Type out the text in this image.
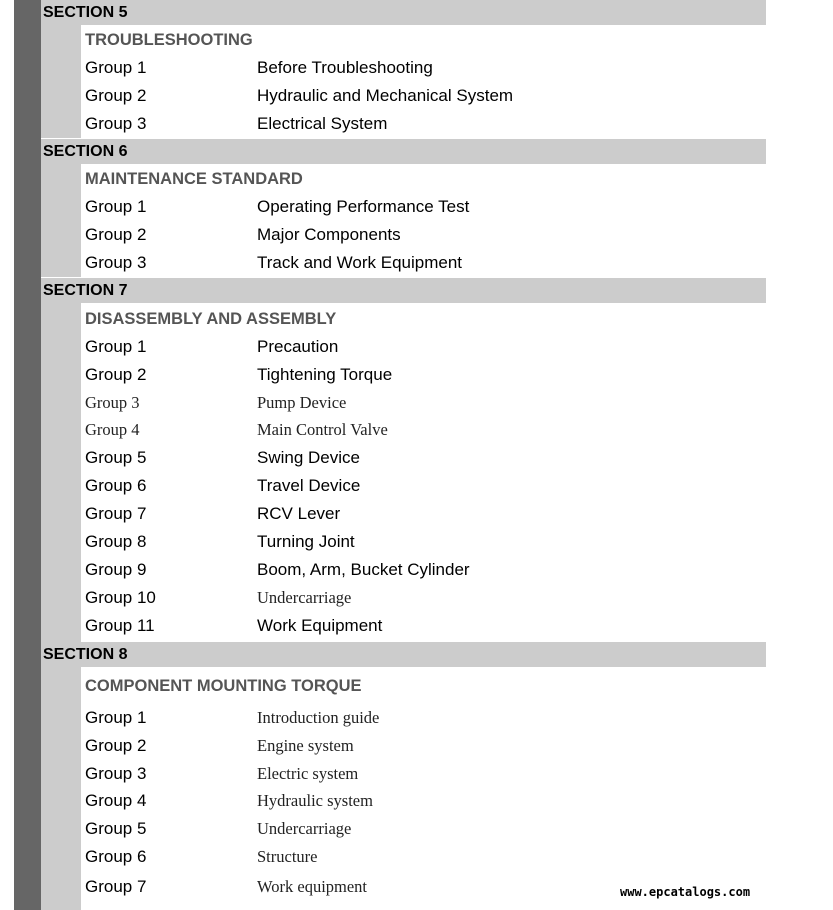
SECTION 5
TROUBLESHOOTING
Group 1	Before Troubleshooting
Group 2	Hydraulic and Mechanical System
Group 3	Electrical System
SECTION 6
MAINTENANCE STANDARD
Group 1	Operating Performance Test
Group 2	Major Components
Group 3	Track and Work Equipment
SECTION 7
DISASSEMBLY AND ASSEMBLY
Group 1	Precaution
Group 2	Tightening Torque
Group 3	Pump Device
Group 4	Main Control Valve
Group 5	Swing Device
Group 6	Travel Device
Group 7	RCV Lever
Group 8	Turning Joint
Group 9	Boom, Arm, Bucket Cylinder
Group 10	Undercarriage
Group 11	Work Equipment
SECTION 8
COMPONENT MOUNTING TORQUE
Group 1	Introduction guide
Group 2	Engine system
Group 3	Electric system
Group 4	Hydraulic system
Group 5	Undercarriage
Group 6	Structure
Group 7	Work equipment	www.epcatalogs.com
